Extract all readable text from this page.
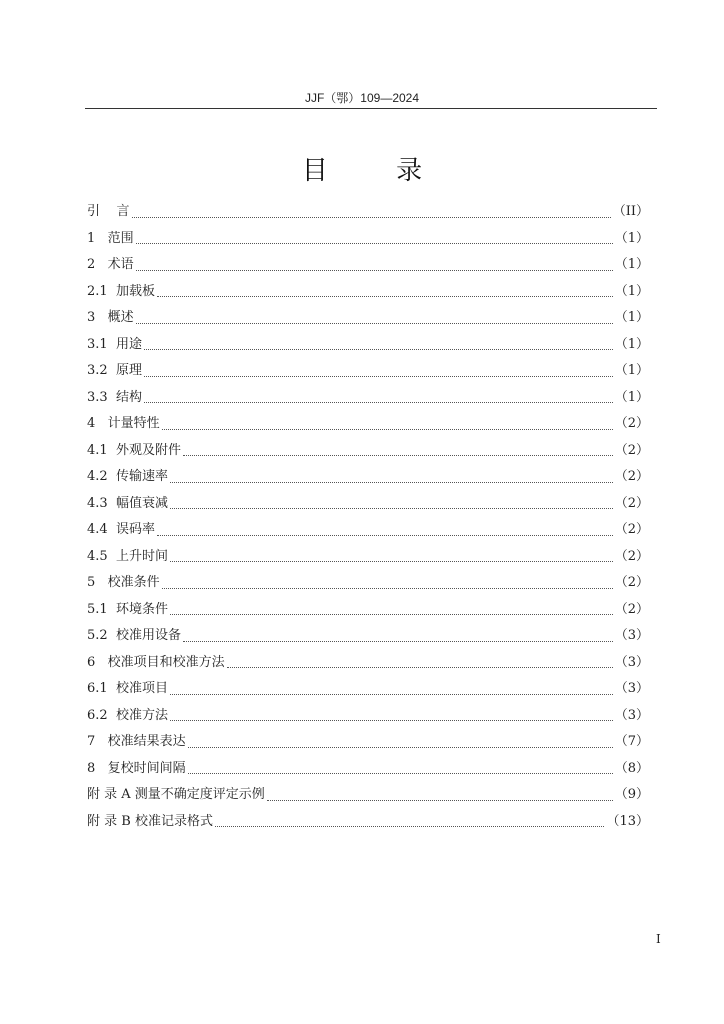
JJF（鄂）109—2024
目 录
引    言	（II）
1   范围	（1）
2   术语	（1）
2.1  加载板	（1）
3   概述	（1）
3.1  用途	（1）
3.2  原理	（1）
3.3  结构	（1）
4   计量特性	（2）
4.1  外观及附件	（2）
4.2  传输速率	（2）
4.3  幅值衰减	（2）
4.4  误码率	（2）
4.5  上升时间	（2）
5   校准条件	（2）
5.1  环境条件	（2）
5.2  校准用设备	（3）
6   校准项目和校准方法	（3）
6.1  校准项目	（3）
6.2  校准方法	（3）
7   校准结果表达	（7）
8   复校时间间隔	（8）
附 录 A 测量不确定度评定示例	（9）
附 录 B 校准记录格式	（13）
I
